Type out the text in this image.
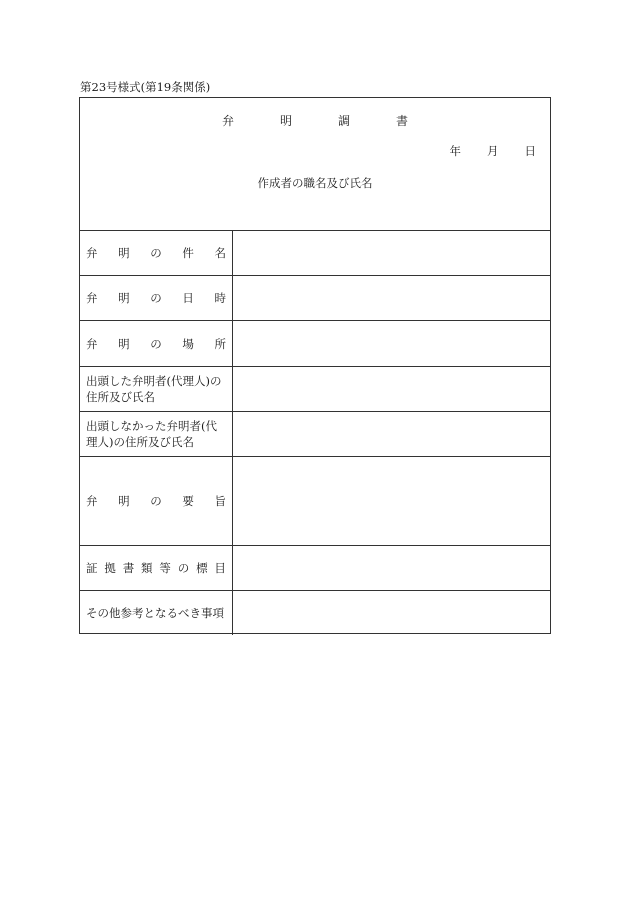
第23号様式(第19条関係)
弁	明	調	書
年 月 日
作成者の職名及び氏名
弁 明 の 件 名
弁 明 の 日 時
弁 明 の 場 所
出頭した弁明者(代理人)の住所及び氏名
出頭しなかった弁明者(代理人)の住所及び氏名
弁 明 の 要 旨
証 拠 書 類 等 の 標 目
その他参考となるべき事項
